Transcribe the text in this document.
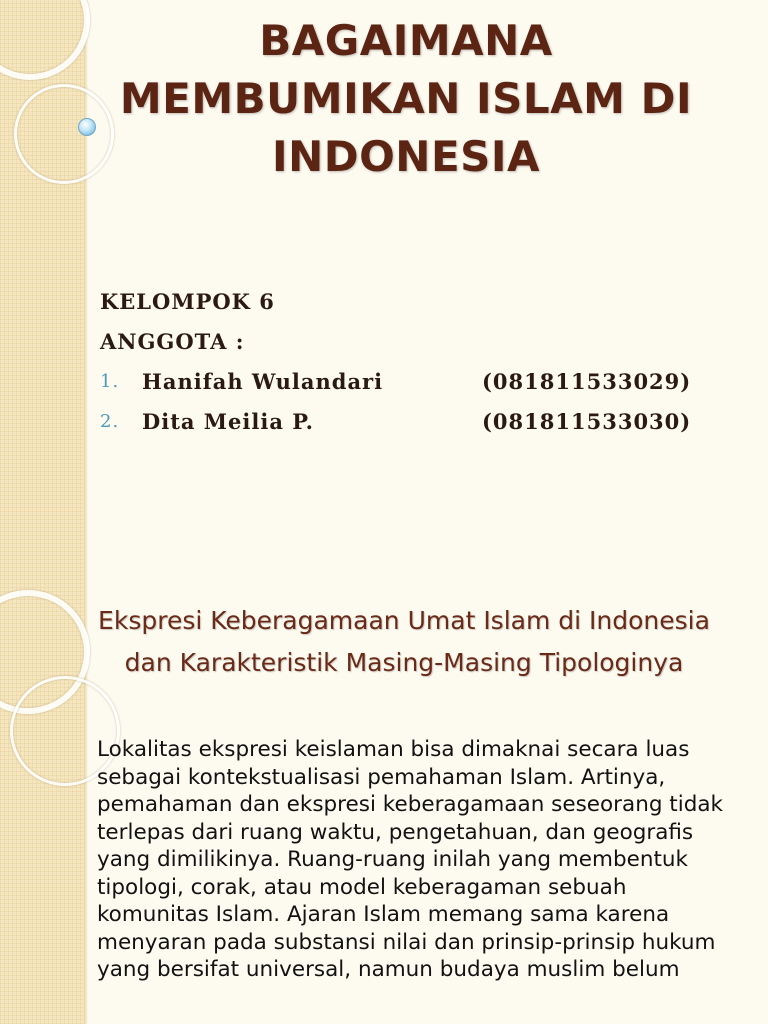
BAGAIMANA MEMBUMIKAN ISLAM DI INDONESIA
KELOMPOK 6
ANGGOTA :
1. Hanifah Wulandari	(081811533029)
2. Dita Meilia P.	(081811533030)
Ekspresi Keberagamaan Umat Islam di Indonesia dan Karakteristik Masing-Masing Tipologinya
Lokalitas ekspresi keislaman bisa dimaknai secara luas sebagai kontekstualisasi pemahaman Islam. Artinya, pemahaman dan ekspresi keberagamaan seseorang tidak terlepas dari ruang waktu, pengetahuan, dan geografis yang dimilikinya. Ruang-ruang inilah yang membentuk tipologi, corak, atau model keberagaman sebuah komunitas Islam. Ajaran Islam memang sama karena menyaran pada substansi nilai dan prinsip-prinsip hukum yang bersifat universal, namun budaya muslim belum
